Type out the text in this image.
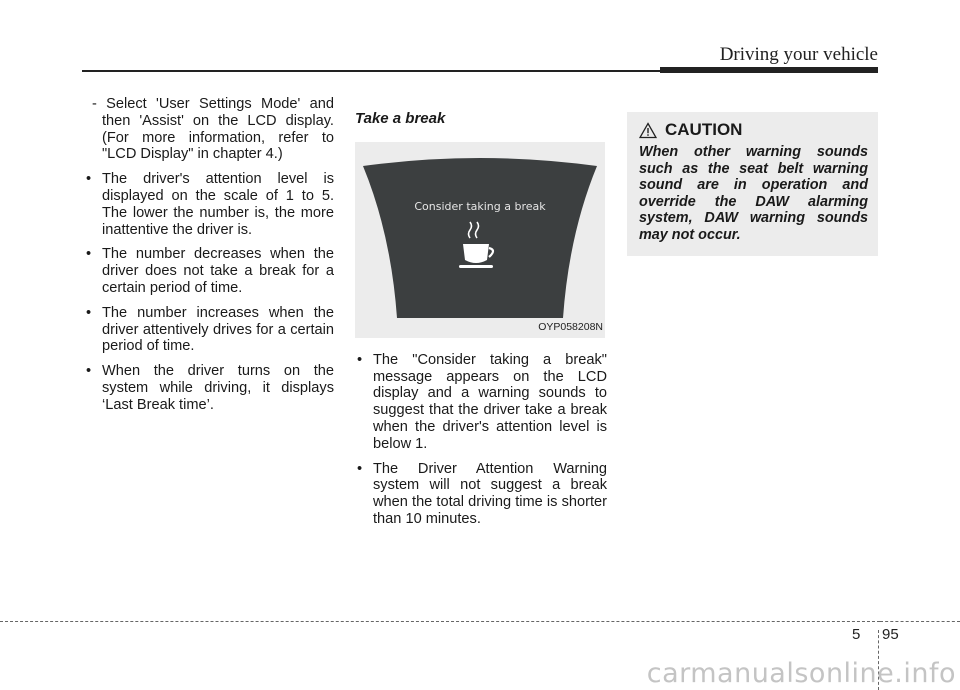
Driving your vehicle

- Select 'User Settings Mode' and then 'Assist' on the LCD display. (For more information, refer to "LCD Display" in chapter 4.)

• The driver's attention level is displayed on the scale of 1 to 5. The lower the number is, the more inattentive the driver is.
• The number decreases when the driver does not take a break for a certain period of time.
• The number increases when the driver attentively drives for a certain period of time.
• When the driver turns on the system while driving, it displays ‘Last Break time’.

Take a break

Consider taking a break
OYP058208N
• The "Consider taking a break" message appears on the LCD display and a warning sounds to suggest that the driver take a break when the driver's attention level is below 1.
• The Driver Attention Warning system will not suggest a break when the total driving time is shorter than 10 minutes.
CAUTION
When other warning sounds such as the seat belt warning sound are in operation and override the DAW alarming system, DAW warning sounds may not occur.
5 95
carmanualsonline.info
